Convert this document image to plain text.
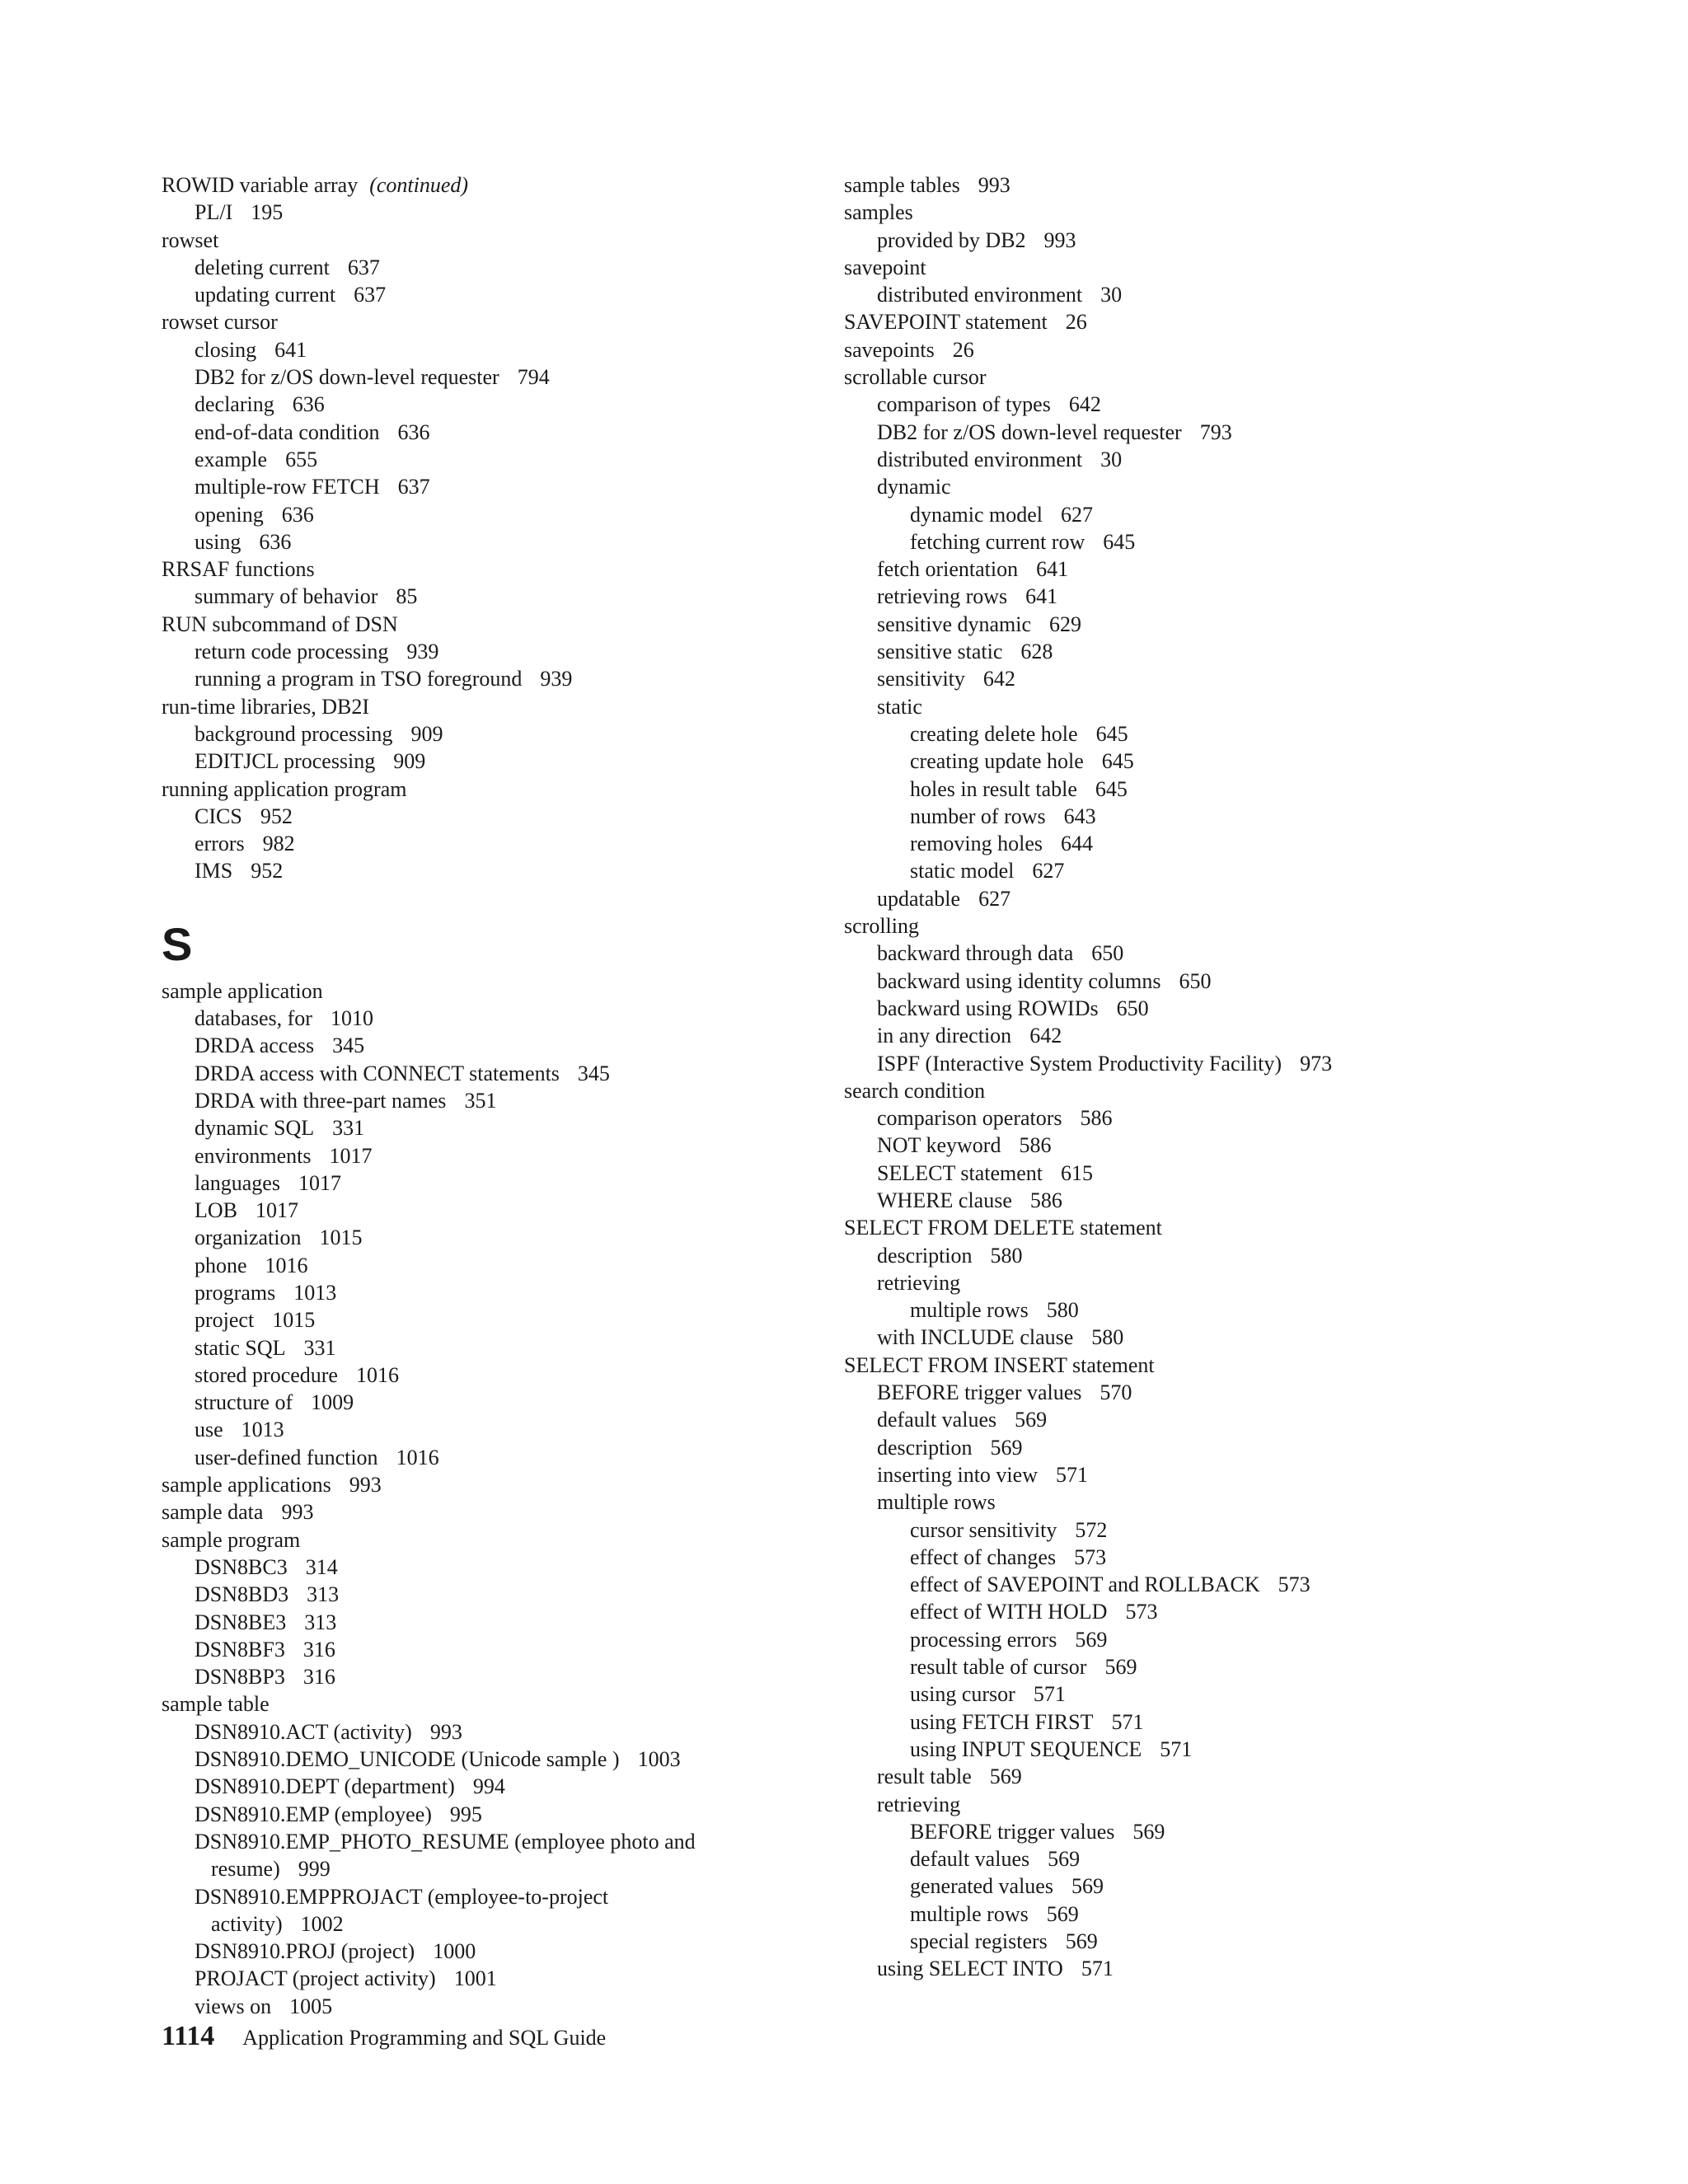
ROWID variable array (continued)
PL/I 195
rowset
deleting current 637
updating current 637
rowset cursor
closing 641
DB2 for z/OS down-level requester 794
declaring 636
end-of-data condition 636
example 655
multiple-row FETCH 637
opening 636
using 636
RRSAF functions
summary of behavior 85
RUN subcommand of DSN
return code processing 939
running a program in TSO foreground 939
run-time libraries, DB2I
background processing 909
EDITJCL processing 909
running application program
CICS 952
errors 982
IMS 952
S
sample application
databases, for 1010
DRDA access 345
DRDA access with CONNECT statements 345
DRDA with three-part names 351
dynamic SQL 331
environments 1017
languages 1017
LOB 1017
organization 1015
phone 1016
programs 1013
project 1015
static SQL 331
stored procedure 1016
structure of 1009
use 1013
user-defined function 1016
sample applications 993
sample data 993
sample program
DSN8BC3 314
DSN8BD3 313
DSN8BE3 313
DSN8BF3 316
DSN8BP3 316
sample table
DSN8910.ACT (activity) 993
DSN8910.DEMO_UNICODE (Unicode sample ) 1003
DSN8910.DEPT (department) 994
DSN8910.EMP (employee) 995
DSN8910.EMP_PHOTO_RESUME (employee photo and
resume) 999
DSN8910.EMPPROJACT (employee-to-project
activity) 1002
DSN8910.PROJ (project) 1000
PROJACT (project activity) 1001
views on 1005
sample tables 993
samples
provided by DB2 993
savepoint
distributed environment 30
SAVEPOINT statement 26
savepoints 26
scrollable cursor
comparison of types 642
DB2 for z/OS down-level requester 793
distributed environment 30
dynamic
dynamic model 627
fetching current row 645
fetch orientation 641
retrieving rows 641
sensitive dynamic 629
sensitive static 628
sensitivity 642
static
creating delete hole 645
creating update hole 645
holes in result table 645
number of rows 643
removing holes 644
static model 627
updatable 627
scrolling
backward through data 650
backward using identity columns 650
backward using ROWIDs 650
in any direction 642
ISPF (Interactive System Productivity Facility) 973
search condition
comparison operators 586
NOT keyword 586
SELECT statement 615
WHERE clause 586
SELECT FROM DELETE statement
description 580
retrieving
multiple rows 580
with INCLUDE clause 580
SELECT FROM INSERT statement
BEFORE trigger values 570
default values 569
description 569
inserting into view 571
multiple rows
cursor sensitivity 572
effect of changes 573
effect of SAVEPOINT and ROLLBACK 573
effect of WITH HOLD 573
processing errors 569
result table of cursor 569
using cursor 571
using FETCH FIRST 571
using INPUT SEQUENCE 571
result table 569
retrieving
BEFORE trigger values 569
default values 569
generated values 569
multiple rows 569
special registers 569
using SELECT INTO 571
1114 Application Programming and SQL Guide
